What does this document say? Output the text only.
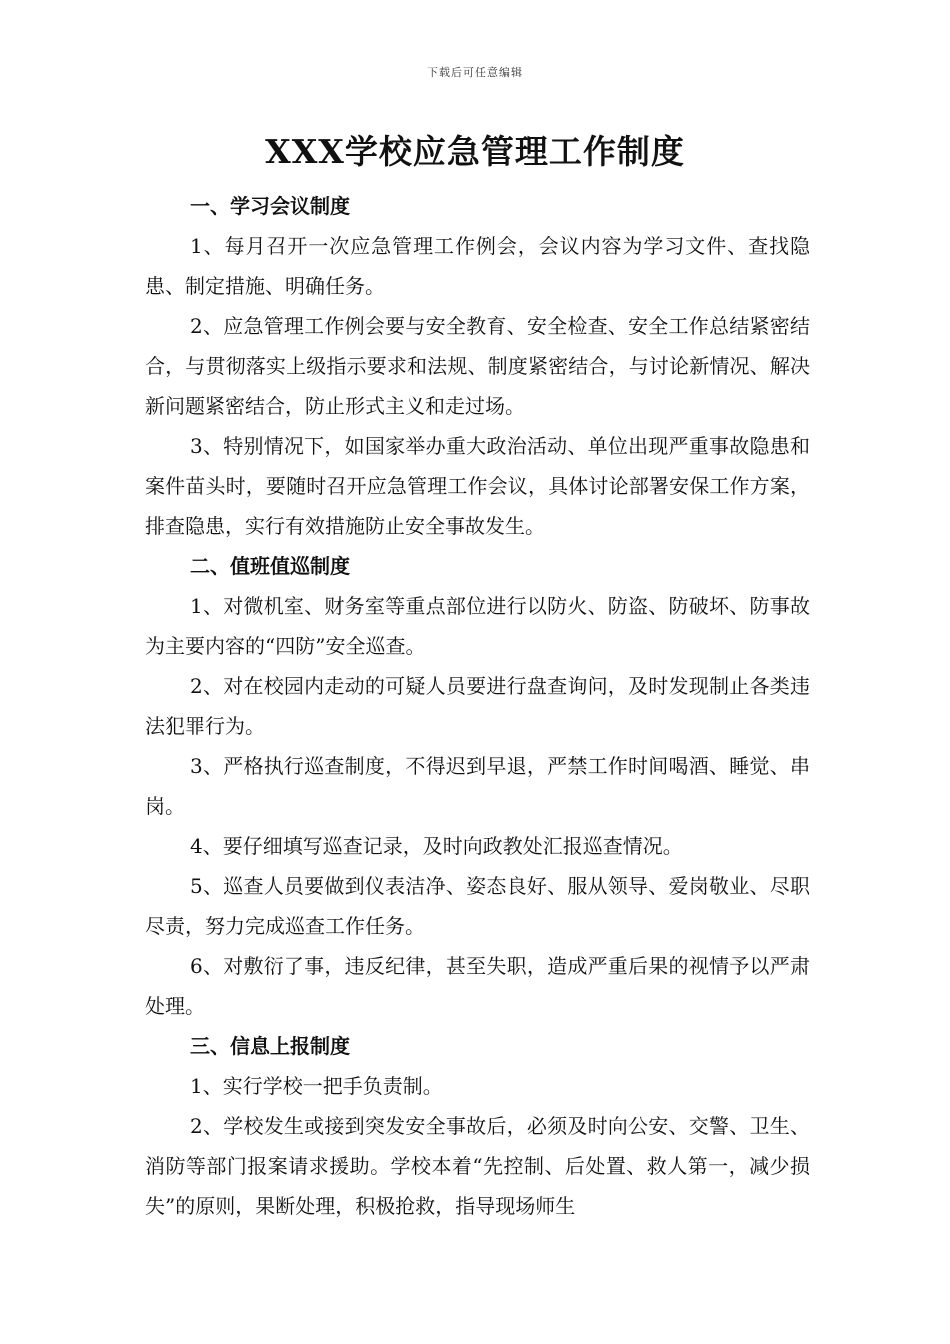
下载后可任意编辑
XXX学校应急管理工作制度
一、学习会议制度

1、每月召开一次应急管理工作例会，会议内容为学习文件、查找隐患、制定措施、明确任务。

2、应急管理工作例会要与安全教育、安全检查、安全工作总结紧密结合，与贯彻落实上级指示要求和法规、制度紧密结合，与讨论新情况、解决新问题紧密结合，防止形式主义和走过场。

3、特别情况下，如国家举办重大政治活动、单位出现严重事故隐患和案件苗头时，要随时召开应急管理工作会议，具体讨论部署安保工作方案，排查隐患，实行有效措施防止安全事故发生。

二、值班值巡制度

1、对微机室、财务室等重点部位进行以防火、防盗、防破坏、防事故为主要内容的“四防”安全巡查。

2、对在校园内走动的可疑人员要进行盘查询问，及时发现制止各类违法犯罪行为。

3、严格执行巡查制度，不得迟到早退，严禁工作时间喝酒、睡觉、串岗。

4、要仔细填写巡查记录，及时向政教处汇报巡查情况。

5、巡查人员要做到仪表洁净、姿态良好、服从领导、爱岗敬业、尽职尽责，努力完成巡查工作任务。

6、对敷衍了事，违反纪律，甚至失职，造成严重后果的视情予以严肃处理。

三、信息上报制度

1、实行学校一把手负责制。

2、学校发生或接到突发安全事故后，必须及时向公安、交警、卫生、消防等部门报案请求援助。学校本着“先控制、后处置、救人第一，减少损失”的原则，果断处理，积极抢救，指导现场师生
